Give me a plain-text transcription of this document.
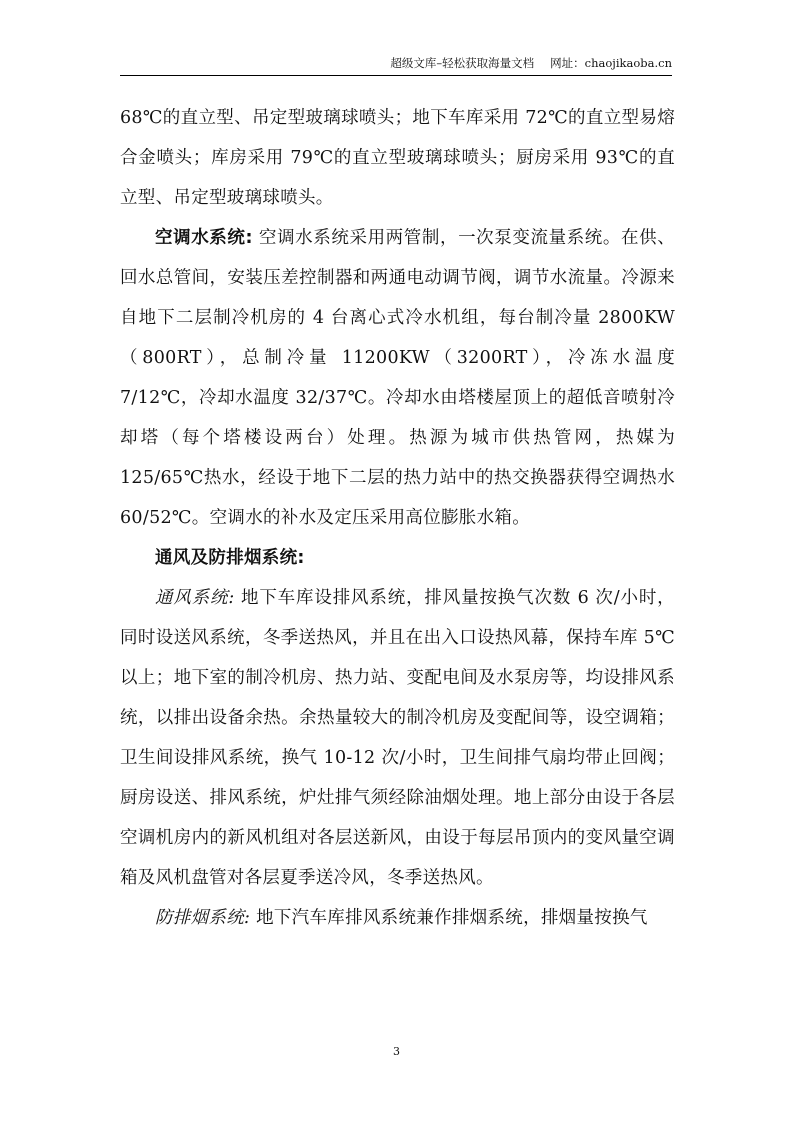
超级文库–轻松获取海量文档 网址：chaojikaoba.cn

68℃的直立型、吊定型玻璃球喷头；地下车库采用 72℃的直立型易熔合金喷头；库房采用 79℃的直立型玻璃球喷头；厨房采用 93℃的直立型、吊定型玻璃球喷头。

空调水系统: 空调水系统采用两管制，一次泵变流量系统。在供、回水总管间，安装压差控制器和两通电动调节阀，调节水流量。冷源来自地下二层制冷机房的 4 台离心式冷水机组，每台制冷量 2800KW（800RT），总制冷量 11200KW（3200RT），冷冻水温度 7/12℃，冷却水温度 32/37℃。冷却水由塔楼屋顶上的超低音喷射冷却塔（每个塔楼设两台）处理。热源为城市供热管网，热媒为 125/65℃热水，经设于地下二层的热力站中的热交换器获得空调热水 60/52℃。空调水的补水及定压采用高位膨胀水箱。

通风及防排烟系统:

通风系统: 地下车库设排风系统，排风量按换气次数 6 次/小时，同时设送风系统，冬季送热风，并且在出入口设热风幕，保持车库 5℃以上；地下室的制冷机房、热力站、变配电间及水泵房等，均设排风系统，以排出设备余热。余热量较大的制冷机房及变配间等，设空调箱；卫生间设排风系统，换气 10-12 次/小时，卫生间排气扇均带止回阀；厨房设送、排风系统，炉灶排气须经除油烟处理。地上部分由设于各层空调机房内的新风机组对各层送新风，由设于每层吊顶内的变风量空调箱及风机盘管对各层夏季送冷风，冬季送热风。

防排烟系统: 地下汽车库排风系统兼作排烟系统，排烟量按换气

3
